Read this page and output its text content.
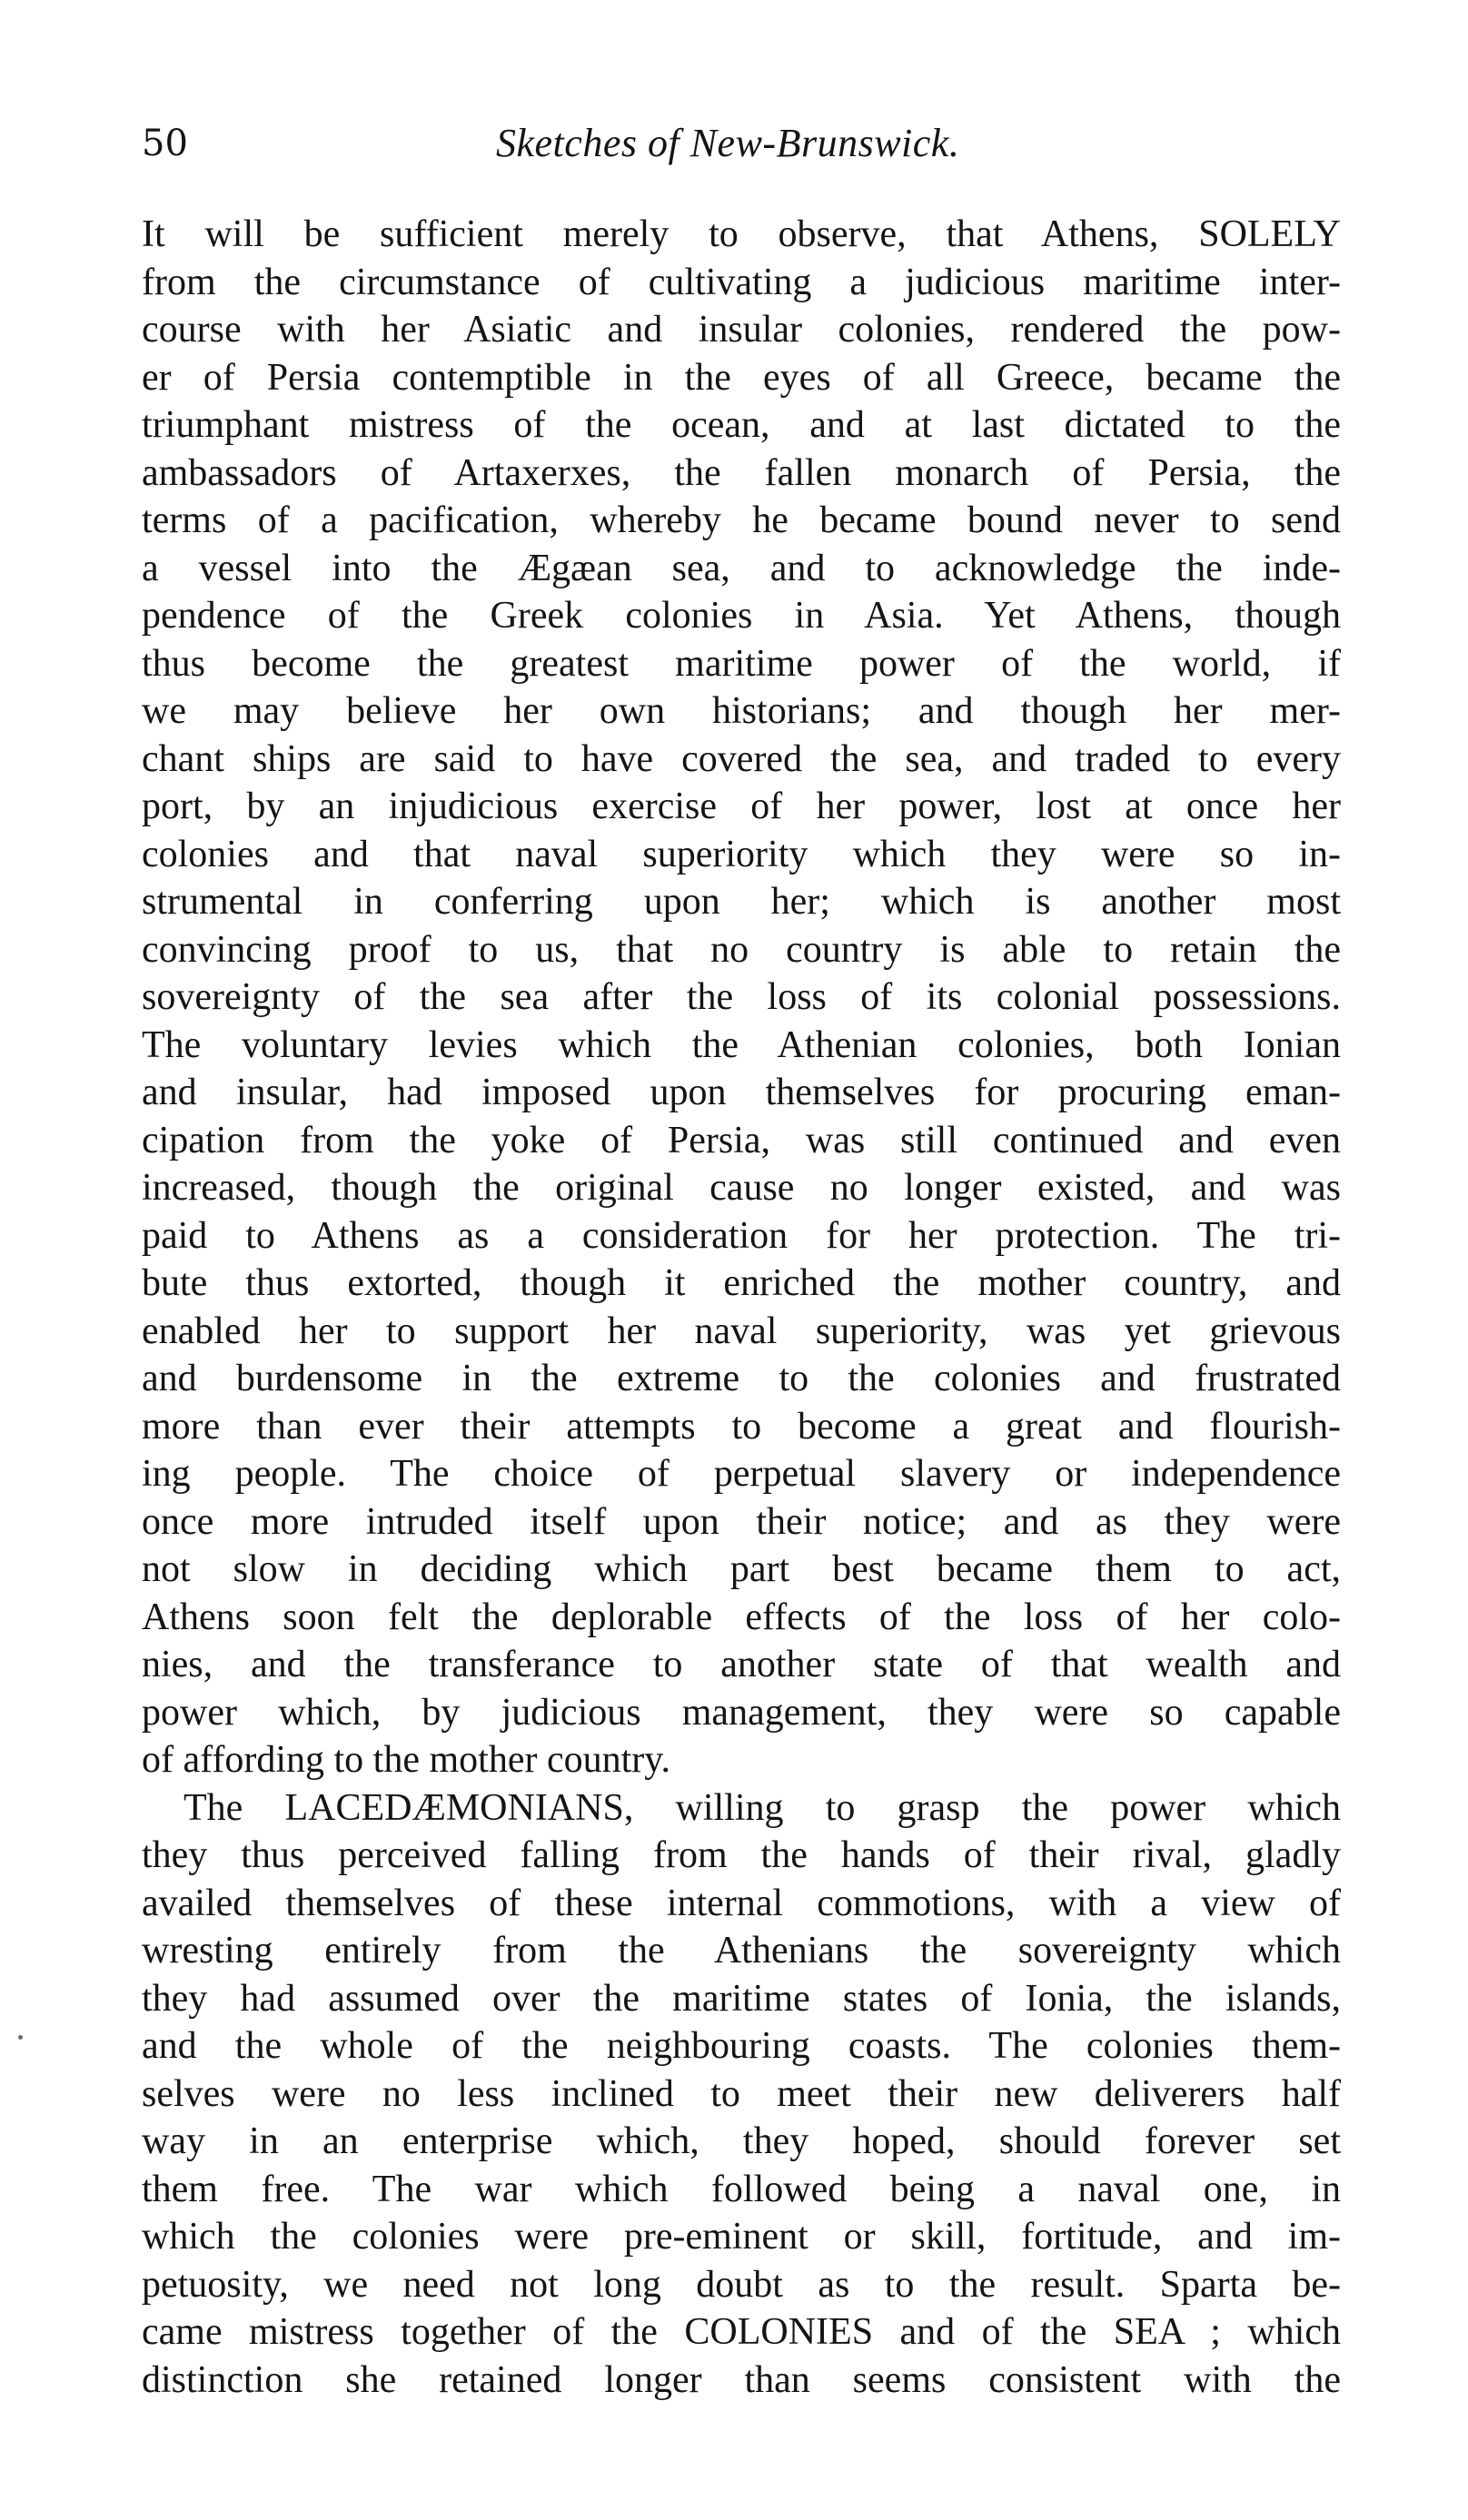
50	Sketches of New-Brunswick.
It will be sufficient merely to observe, that Athens, SOLELY
from the circumstance of cultivating a judicious maritime inter-
course with her Asiatic and insular colonies, rendered the pow-
er of Persia contemptible in the eyes of all Greece, became the
triumphant mistress of the ocean, and at last dictated to the
ambassadors of Artaxerxes, the fallen monarch of Persia, the
terms of a pacification, whereby he became bound never to send
a vessel into the Ægæan sea, and to acknowledge the inde-
pendence of the Greek colonies in Asia. Yet Athens, though
thus become the greatest maritime power of the world, if
we may believe her own historians; and though her mer-
chant ships are said to have covered the sea, and traded to every
port, by an injudicious exercise of her power, lost at once her
colonies and that naval superiority which they were so in-
strumental in conferring upon her; which is another most
convincing proof to us, that no country is able to retain the
sovereignty of the sea after the loss of its colonial possessions.
The voluntary levies which the Athenian colonies, both Ionian
and insular, had imposed upon themselves for procuring eman-
cipation from the yoke of Persia, was still continued and even
increased, though the original cause no longer existed, and was
paid to Athens as a consideration for her protection. The tri-
bute thus extorted, though it enriched the mother country, and
enabled her to support her naval superiority, was yet grievous
and burdensome in the extreme to the colonies and frustrated
more than ever their attempts to become a great and flourish-
ing people. The choice of perpetual slavery or independence
once more intruded itself upon their notice; and as they were
not slow in deciding which part best became them to act,
Athens soon felt the deplorable effects of the loss of her colo-
nies, and the transferance to another state of that wealth and
power which, by judicious management, they were so capable
of affording to the mother country.
The LACEDÆMONIANS, willing to grasp the power which
they thus perceived falling from the hands of their rival, gladly
availed themselves of these internal commotions, with a view of
wresting entirely from the Athenians the sovereignty which
they had assumed over the maritime states of Ionia, the islands,
and the whole of the neighbouring coasts. The colonies them-
selves were no less inclined to meet their new deliverers half
way in an enterprise which, they hoped, should forever set
them free. The war which followed being a naval one, in
which the colonies were pre-eminent or skill, fortitude, and im-
petuosity, we need not long doubt as to the result. Sparta be-
came mistress together of the COLONIES and of the SEA ; which
distinction she retained longer than seems consistent with the
